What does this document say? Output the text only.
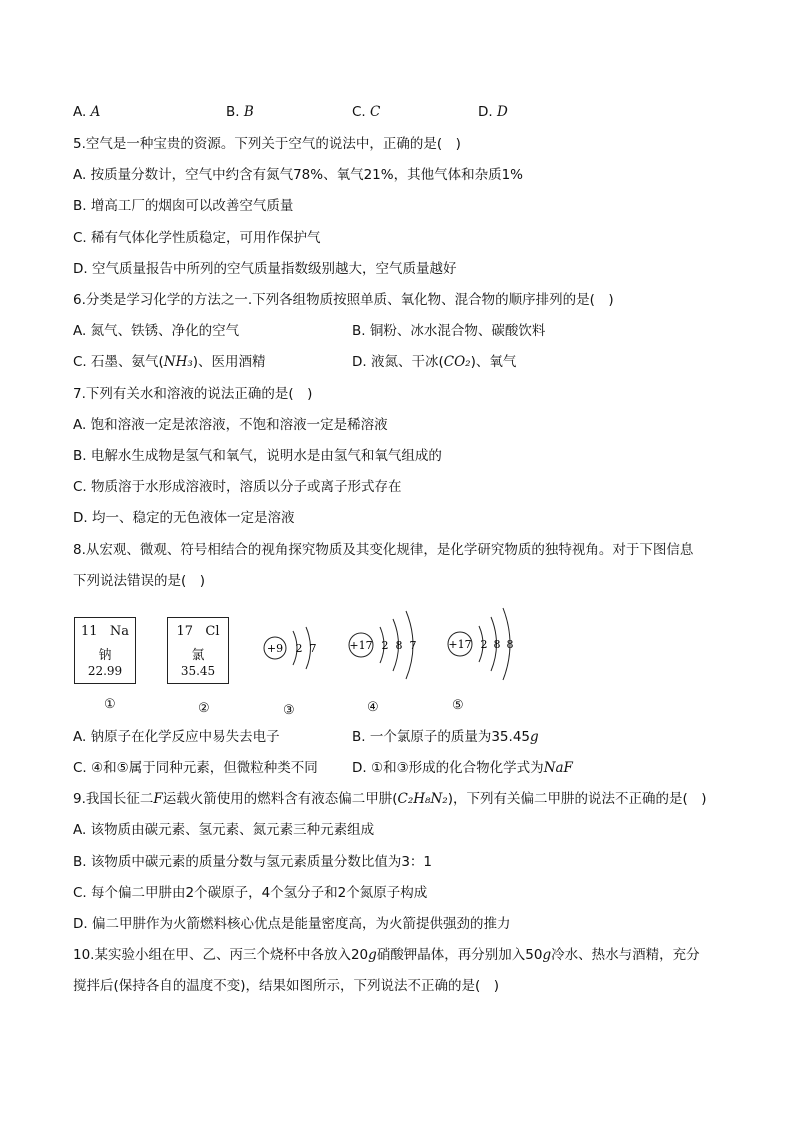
A. A	B. B	C. C	D. D
5.空气是一种宝贵的资源。下列关于空气的说法中，正确的是(　)
A. 按质量分数计，空气中约含有氮气78%、氧气21%，其他气体和杂质1%
B. 增高工厂的烟囱可以改善空气质量
C. 稀有气体化学性质稳定，可用作保护气
D. 空气质量报告中所列的空气质量指数级别越大，空气质量越好
6.分类是学习化学的方法之一.下列各组物质按照单质、氧化物、混合物的顺序排列的是(　)
A. 氮气、铁锈、净化的空气	B. 铜粉、冰水混合物、碳酸饮料
C. 石墨、氨气(NH₃)、医用酒精	D. 液氮、干冰(CO₂)、氧气
7.下列有关水和溶液的说法正确的是(　)
A. 饱和溶液一定是浓溶液，不饱和溶液一定是稀溶液
B. 电解水生成物是氢气和氧气，说明水是由氢气和氧气组成的
C. 物质溶于水形成溶液时，溶质以分子或离子形式存在
D. 均一、稳定的无色液体一定是溶液
8.从宏观、微观、符号相结合的视角探究物质及其变化规律，是化学研究物质的独特视角。对于下图信息
下列说法错误的是(　)
11 Na
钠
22.99
17 Cl
氯
35.45
+9 2 7	+17 2 8 7	+17 2 8 8
①	②	③	④	⑤
A. 钠原子在化学反应中易失去电子	B. 一个氯原子的质量为35.45g
C. ④和⑤属于同种元素，但微粒种类不同	D. ①和③形成的化合物化学式为NaF
9.我国长征二F运载火箭使用的燃料含有液态偏二甲肼(C₂H₈N₂)，下列有关偏二甲肼的说法不正确的是(　)
A. 该物质由碳元素、氢元素、氮元素三种元素组成
B. 该物质中碳元素的质量分数与氢元素质量分数比值为3：1
C. 每个偏二甲肼由2个碳原子，4个氢分子和2个氮原子构成
D. 偏二甲肼作为火箭燃料核心优点是能量密度高，为火箭提供强劲的推力
10.某实验小组在甲、乙、丙三个烧杯中各放入20g硝酸钾晶体，再分别加入50g冷水、热水与酒精，充分
搅拌后(保持各自的温度不变)，结果如图所示，下列说法不正确的是(　)
